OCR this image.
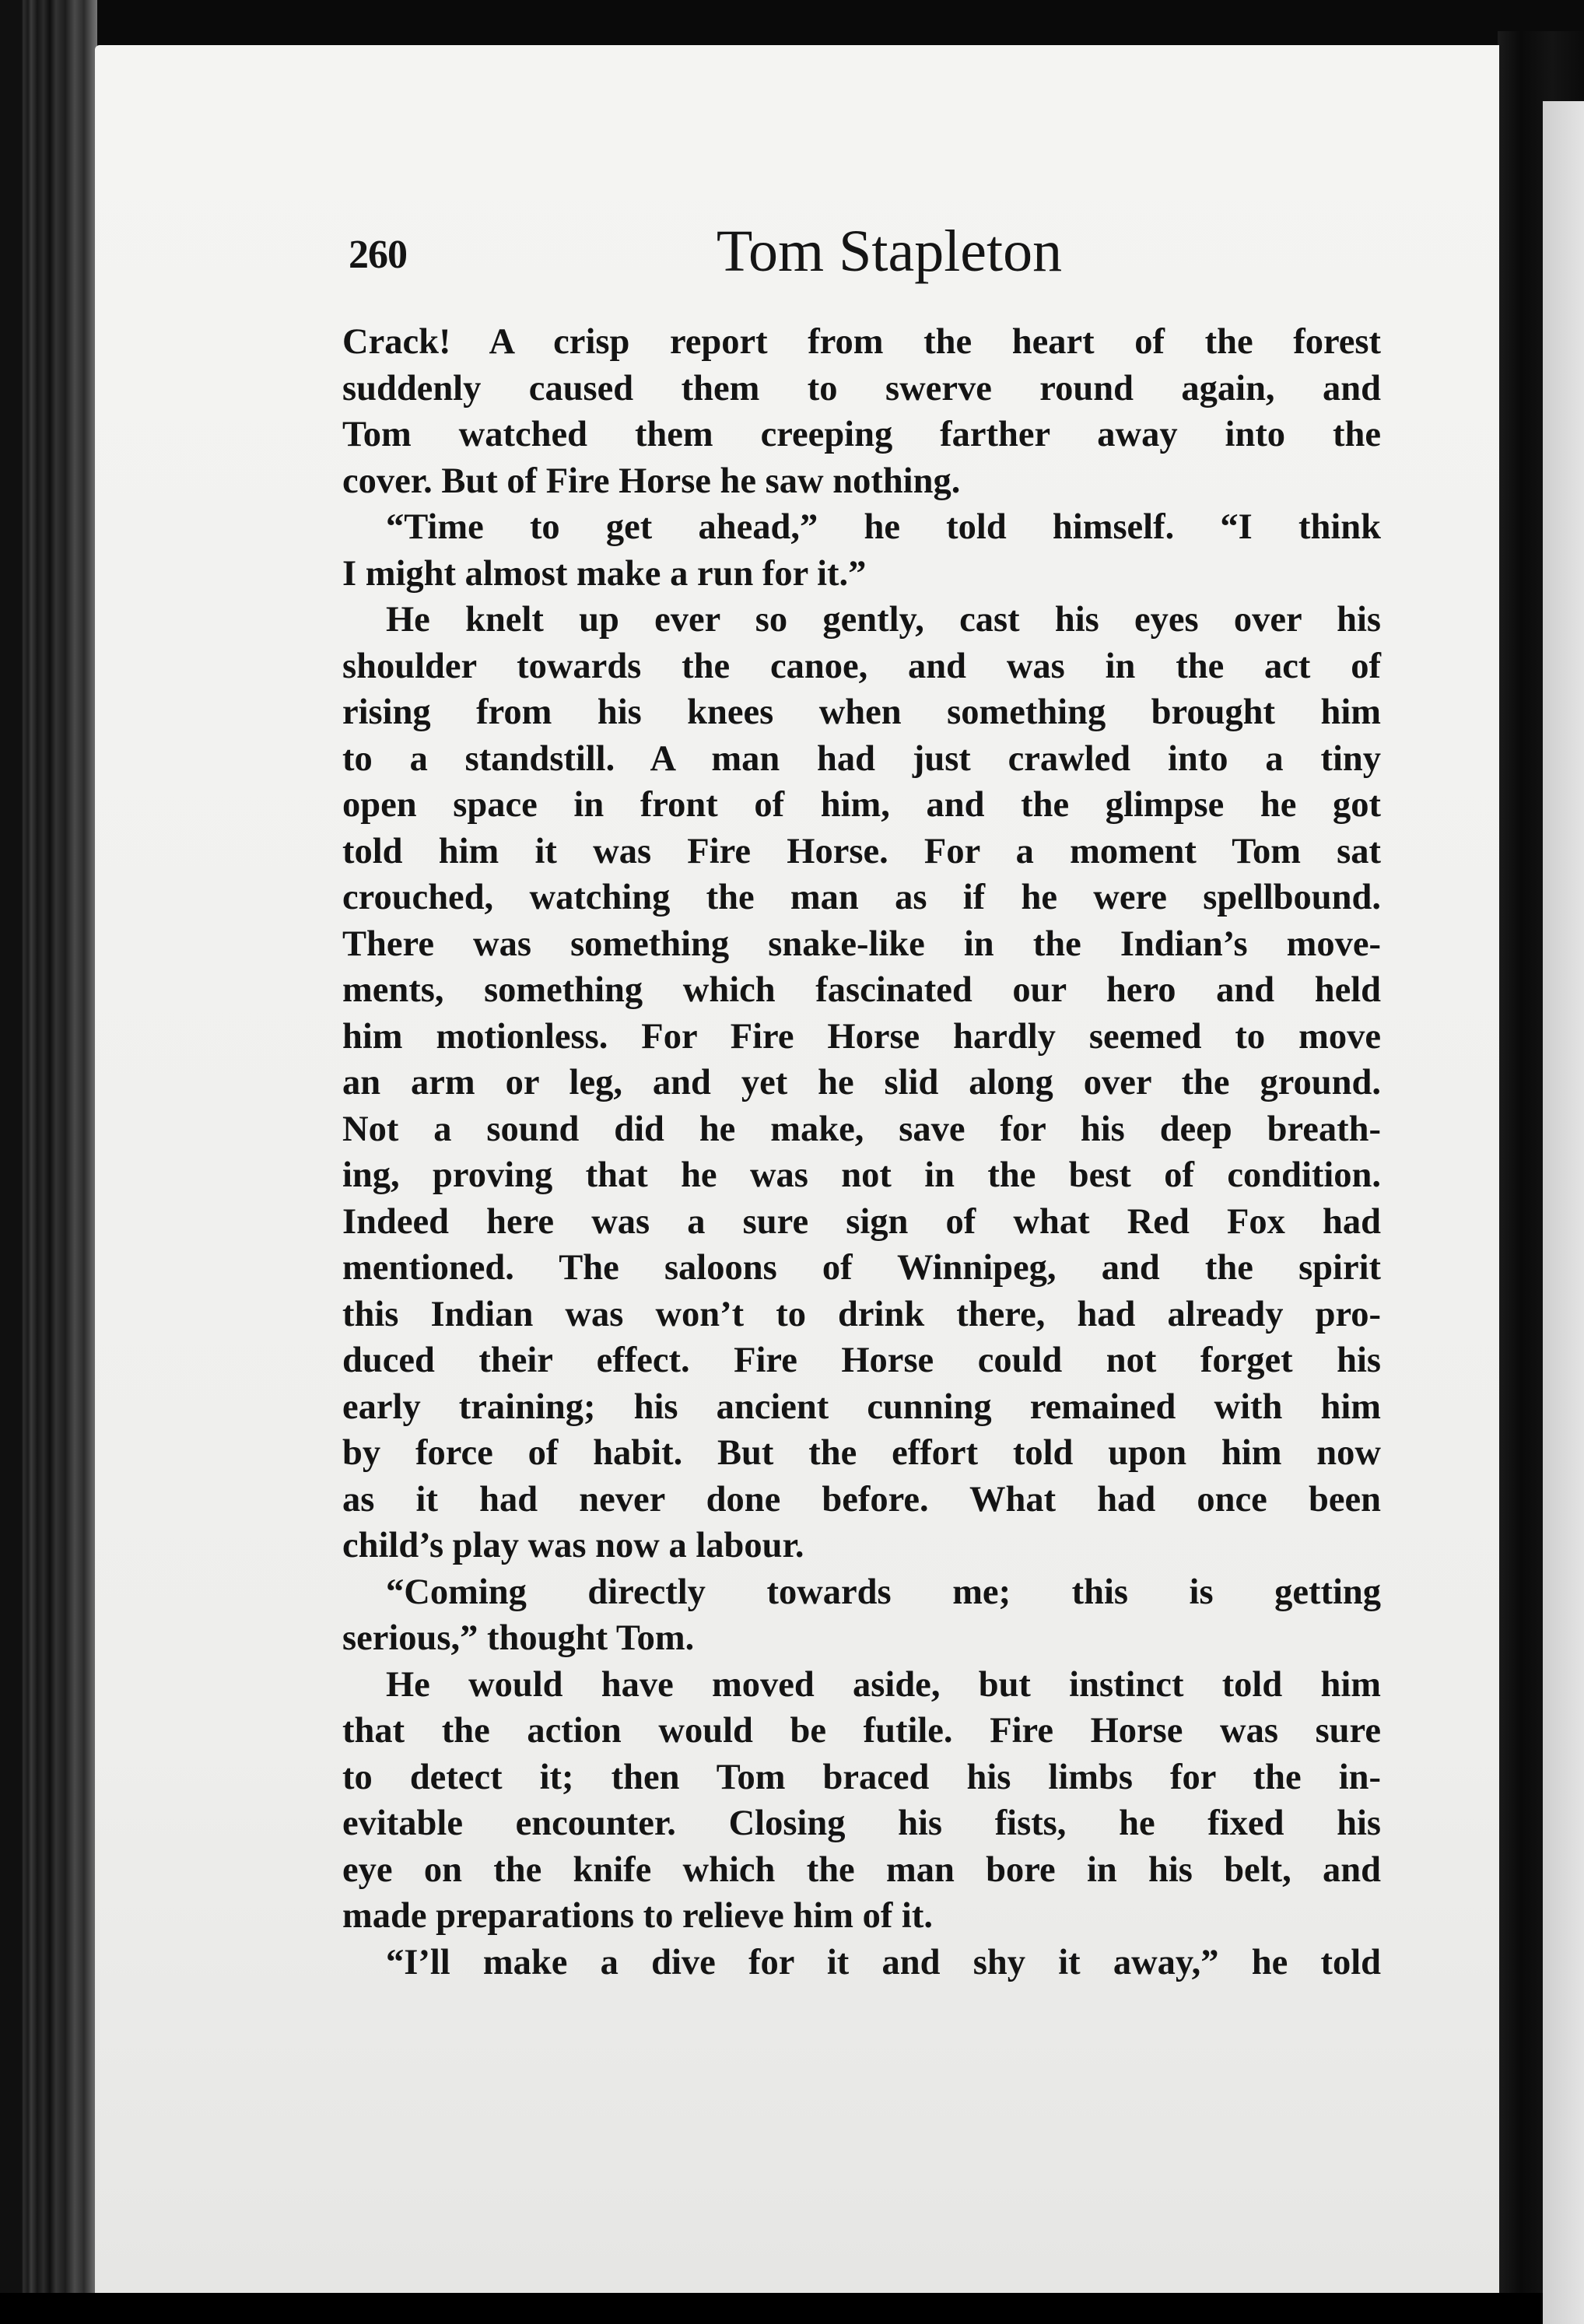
260	Tom Stapleton
Crack! A crisp report from the heart of the forest
suddenly caused them to swerve round again, and
Tom watched them creeping farther away into the
cover. But of Fire Horse he saw nothing.
“Time to get ahead,” he told himself. “I think
I might almost make a run for it.”
He knelt up ever so gently, cast his eyes over his
shoulder towards the canoe, and was in the act of
rising from his knees when something brought him
to a standstill. A man had just crawled into a tiny
open space in front of him, and the glimpse he got
told him it was Fire Horse. For a moment Tom sat
crouched, watching the man as if he were spellbound.
There was something snake-like in the Indian’s move-
ments, something which fascinated our hero and held
him motionless. For Fire Horse hardly seemed to move
an arm or leg, and yet he slid along over the ground.
Not a sound did he make, save for his deep breath-
ing, proving that he was not in the best of condition.
Indeed here was a sure sign of what Red Fox had
mentioned. The saloons of Winnipeg, and the spirit
this Indian was won’t to drink there, had already pro-
duced their effect. Fire Horse could not forget his
early training; his ancient cunning remained with him
by force of habit. But the effort told upon him now
as it had never done before. What had once been
child’s play was now a labour.
“Coming directly towards me; this is getting
serious,” thought Tom.
He would have moved aside, but instinct told him
that the action would be futile. Fire Horse was sure
to detect it; then Tom braced his limbs for the in-
evitable encounter. Closing his fists, he fixed his
eye on the knife which the man bore in his belt, and
made preparations to relieve him of it.
“I’ll make a dive for it and shy it away,” he told
